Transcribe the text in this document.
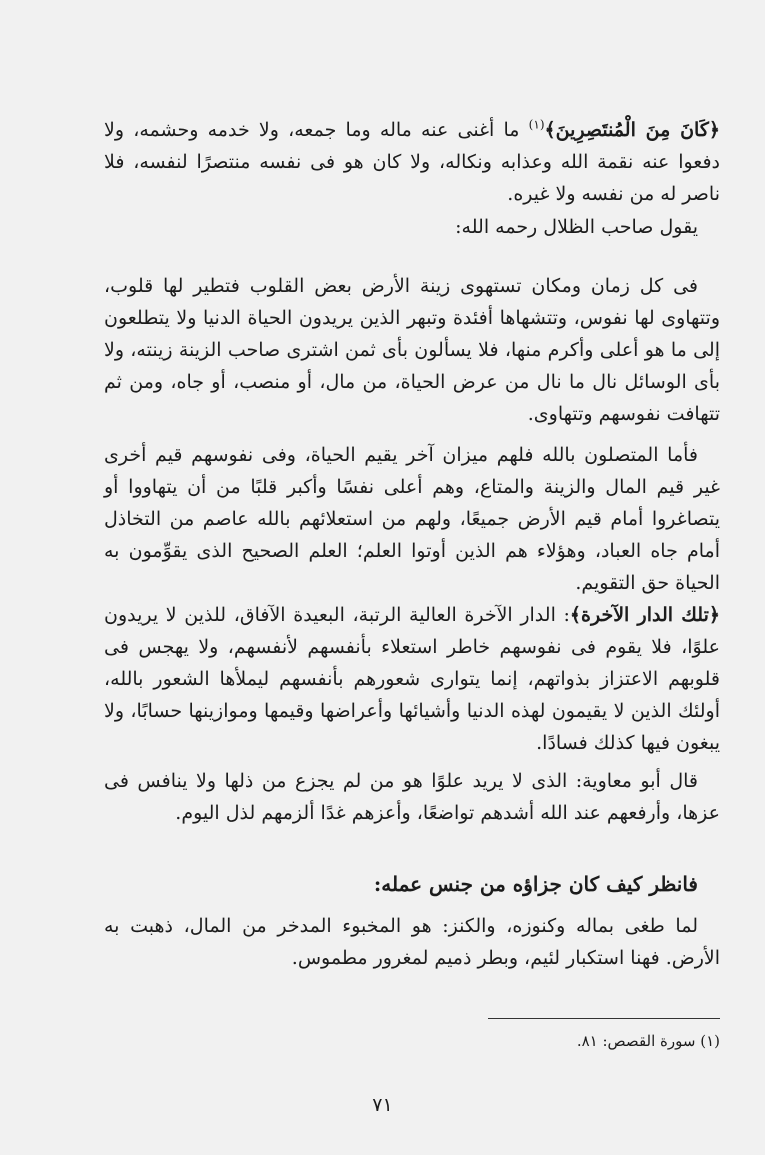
﴿كَانَ مِنَ الْمُنتَصِرِينَ﴾$^{(١)}$ ما أغنى عنه ماله وما جمعه، ولا خدمه وحشمه، ولا دفعوا عنه نقمة الله وعذابه ونكاله، ولا كان هو فى نفسه منتصرًا لنفسه، فلا ناصر له من نفسه ولا غيره.
يقول صاحب الظلال رحمه الله:
فى كل زمان ومكان تستهوى زينة الأرض بعض القلوب فتطير لها قلوب، وتتهاوى لها نفوس، وتتشهاها أفئدة وتبهر الذين يريدون الحياة الدنيا ولا يتطلعون إلى ما هو أعلى وأكرم منها، فلا يسألون بأى ثمن اشترى صاحب الزينة زينته، ولا بأى الوسائل نال ما نال من عرض الحياة، من مال، أو منصب، أو جاه، ومن ثم تتهافت نفوسهم وتتهاوى.
فأما المتصلون بالله فلهم ميزان آخر يقيم الحياة، وفى نفوسهم قيم أخرى غير قيم المال والزينة والمتاع، وهم أعلى نفسًا وأكبر قلبًا من أن يتهاووا أو يتصاغروا أمام قيم الأرض جميعًا، ولهم من استعلائهم بالله عاصم من التخاذل أمام جاه العباد، وهؤلاء هم الذين أوتوا العلم؛ العلم الصحيح الذى يقوِّمون به الحياة حق التقويم.
﴿تلك الدار الآخرة﴾: الدار الآخرة العالية الرتبة، البعيدة الآفاق، للذين لا يريدون علوًا، فلا يقوم فى نفوسهم خاطر استعلاء بأنفسهم لأنفسهم، ولا يهجس فى قلوبهم الاعتزاز بذواتهم، إنما يتوارى شعورهم بأنفسهم ليملأها الشعور بالله، أولئك الذين لا يقيمون لهذه الدنيا وأشيائها وأعراضها وقيمها وموازينها حسابًا، ولا يبغون فيها كذلك فسادًا.
قال أبو معاوية: الذى لا يريد علوًا هو من لم يجزع من ذلها ولا ينافس فى عزها، وأرفعهم عند الله أشدهم تواضعًا، وأعزهم غدًا ألزمهم لذل اليوم.
فانظر كيف كان جزاؤه من جنس عمله:
لما طغى بماله وكنوزه، والكنز: هو المخبوء المدخر من المال، ذهبت به الأرض. فهنا استكبار لئيم، وبطر ذميم لمغرور مطموس.
(١) سورة القصص: ٨١.
٧١
